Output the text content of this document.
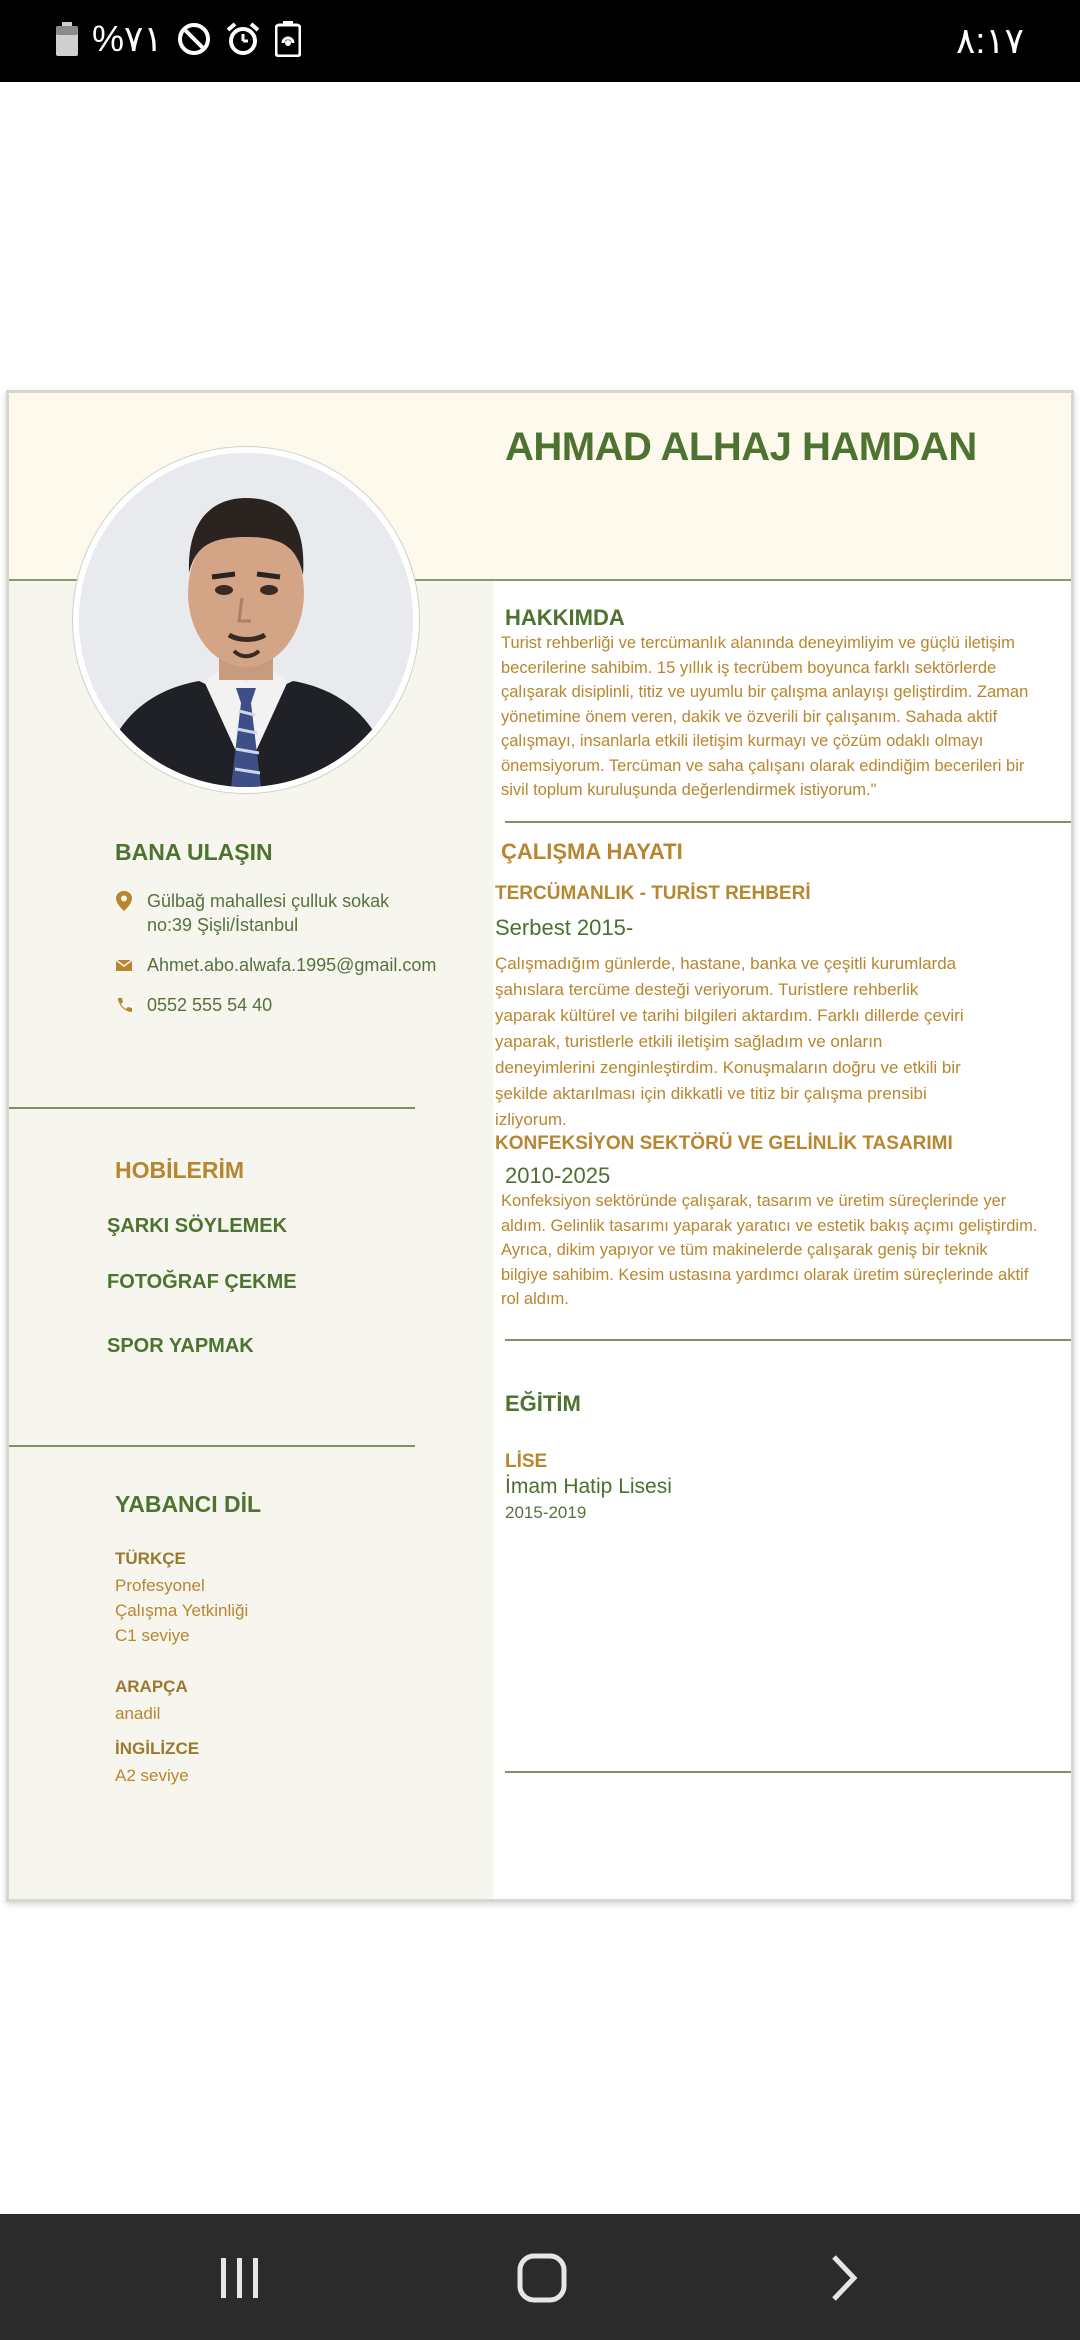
%٧١	٨:١٧
AHMAD ALHAJ HAMDAN
BANA ULAŞIN
Gülbağ mahallesi çulluk sokak
no:39 Şişli/İstanbul
Ahmet.abo.alwafa.1995@gmail.com
0552 555 54 40
HOBİLERİM
ŞARKI SÖYLEMEK
FOTOĞRAF ÇEKME
SPOR YAPMAK
YABANCI DİL
TÜRKÇE
Profesyonel
Çalışma Yetkinliği
C1 seviye
ARAPÇA
anadil
İNGİLİZCE
A2 seviye
HAKKIMDA
Turist rehberliği ve tercümanlık alanında deneyimliyim ve güçlü iletişim
becerilerine sahibim. 15 yıllık iş tecrübem boyunca farklı sektörlerde
çalışarak disiplinli, titiz ve uyumlu bir çalışma anlayışı geliştirdim. Zaman
yönetimine önem veren, dakik ve özverili bir çalışanım. Sahada aktif
çalışmayı, insanlarla etkili iletişim kurmayı ve çözüm odaklı olmayı
önemsiyorum. Tercüman ve saha çalışanı olarak edindiğim becerileri bir
sivil toplum kuruluşunda değerlendirmek istiyorum."
ÇALIŞMA HAYATI
TERCÜMANLIK - TURİST REHBERİ
Serbest 2015-
Çalışmadığım günlerde, hastane, banka ve çeşitli kurumlarda
şahıslara tercüme desteği veriyorum. Turistlere rehberlik
yaparak kültürel ve tarihi bilgileri aktardım. Farklı dillerde çeviri
yaparak, turistlerle etkili iletişim sağladım ve onların
deneyimlerini zenginleştirdim. Konuşmaların doğru ve etkili bir
şekilde aktarılması için dikkatli ve titiz bir çalışma prensibi
izliyorum.
KONFEKSİYON SEKTÖRÜ VE GELİNLİK TASARIMI
2010-2025
Konfeksiyon sektöründe çalışarak, tasarım ve üretim süreçlerinde yer
aldım. Gelinlik tasarımı yaparak yaratıcı ve estetik bakış açımı geliştirdim.
Ayrıca, dikim yapıyor ve tüm makinelerde çalışarak geniş bir teknik
bilgiye sahibim. Kesim ustasına yardımcı olarak üretim süreçlerinde aktif
rol aldım.
EĞİTİM
LİSE
İmam Hatip Lisesi
2015-2019
